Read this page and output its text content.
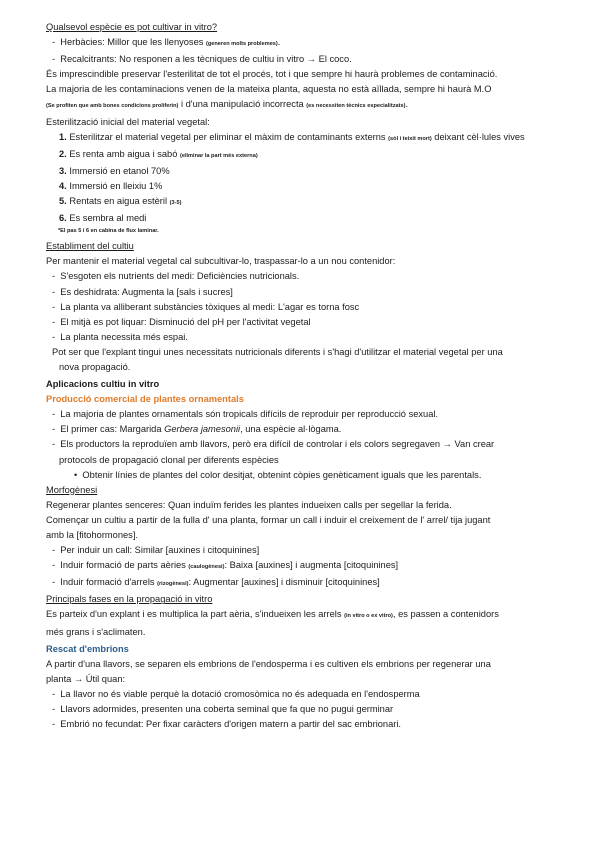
Qualsevol espècie es pot cultivar in vitro?

-  Herbàcies: Millor que les llenyoses (generen molts problemes).
-  Recalcitrants: No responen a les tècniques de cultiu in vitro → El coco.

És imprescindible preservar l'esterilitat de tot el procés, tot i que sempre hi haurà problemes de contaminació.

La majoria de les contaminacions venen de la mateixa planta, aquesta no està aïllada, sempre hi haurà M.O

(Se profiten que amb bones condicions proliferin) i d'una manipulació incorrecta (es necessiten tècnics especialitzats).

Esterilització inicial del material vegetal:

1. Esterilitzar el material vegetal per eliminar el màxim de contaminants externs (sòl i teixit mort) deixant cèl·lules vives
2. Es renta amb aigua i sabó (eliminar la part més externa)
3. Immersió en etanol 70%
4. Immersió en lleixiu 1%
5. Rentats en aigua estèril (3-5)
6. Es sembra al medi
*El pas 5 i 6 en cabina de flux laminar.

Establiment del cultiu

Per mantenir el material vegetal cal subcultivar-lo, traspassar-lo a un nou contenidor:

-  S'esgoten els nutrients del medi: Deficiències nutricionals.
-  Es deshidrata: Augmenta la [sals i sucres]
-  La planta va alliberant substàncies tòxiques al medi: L'agar es torna fosc
-  El mitjà es pot liquar: Disminució del pH per l'activitat vegetal
-  La planta necessita més espai.

Pot ser que l'explant tingui unes necessitats nutricionals diferents i s'hagi d'utilitzar el material vegetal per una

nova propagació.

Aplicacions cultiu in vitro

Producció comercial de plantes ornamentals

-  La majoria de plantes ornamentals són tropicals difícils de reproduir per reproducció sexual.
-  El primer cas: Margarida Gerbera jamesonii, una espècie al·lògama.
-  Els productors la reproduïen amb llavors, però era difícil de controlar i els colors segregaven → Van crear
protocols de propagació clonal per diferents espècies
•  Obtenir línies de plantes del color desitjat, obtenint còpies genèticament iguals que les parentals.

Morfogènesi

Regenerar plantes senceres: Quan induïm ferides les plantes indueixen calls per segellar la ferida.

Començar un cultiu a partir de la fulla d' una planta, formar un call i induir el creixement de l' arrel/ tija jugant

amb la [fitohormones].

-  Per induir un call: Similar [auxines i citoquinines]
-  Induir formació de parts aèries (caulogènesi): Baixa [auxines] i augmenta [citoquinines]
-  Induir formació d'arrels (rizogènesi): Augmentar [auxines] i disminuir [citoquinines]

Principals fases en la propagació in vitro

Es parteix d'un explant i es multiplica la part aèria, s'indueixen les arrels (in vitro o ex vitro), es passen a contenidors

més grans i s'aclimaten.

Rescat d'embrions

A partir d'una llavors, se separen els embrions de l'endosperma i es cultiven els embrions per regenerar una

planta → Útil quan:

-  La llavor no és viable perquè la dotació cromosòmica no és adequada en l'endosperma
-  Llavors adormides, presenten una coberta seminal que fa que no pugui germinar
-  Embrió no fecundat: Per fixar caràcters d'origen matern a partir del sac embrionari.
